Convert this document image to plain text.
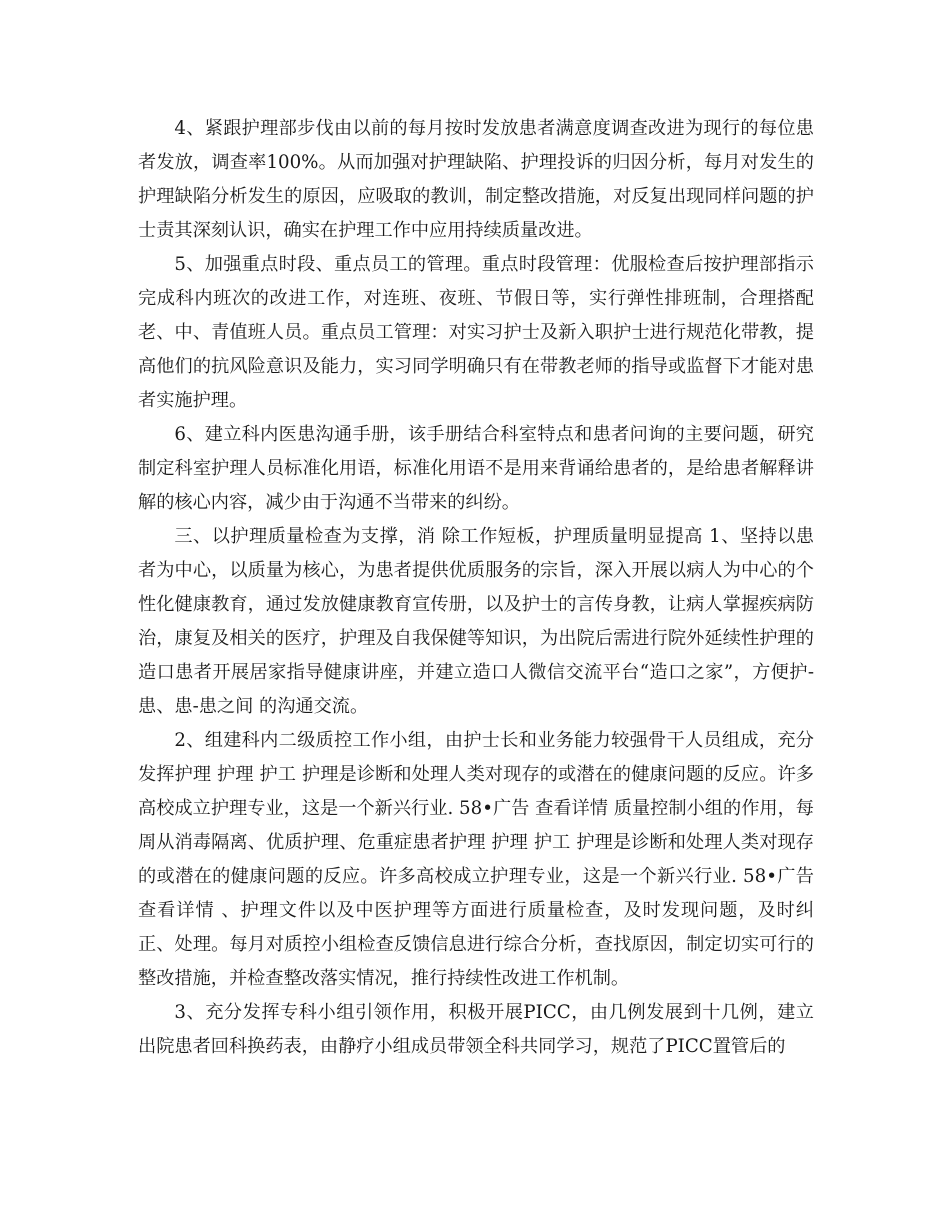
4、紧跟护理部步伐由以前的每月按时发放患者满意度调查改进为现行的每位患者发放，调查率100%。从而加强对护理缺陷、护理投诉的归因分析，每月对发生的护理缺陷分析发生的原因，应吸取的教训，制定整改措施，对反复出现同样问题的护士责其深刻认识，确实在护理工作中应用持续质量改进。

5、加强重点时段、重点员工的管理。重点时段管理：优服检查后按护理部指示完成科内班次的改进工作，对连班、夜班、节假日等，实行弹性排班制，合理搭配老、中、青值班人员。重点员工管理：对实习护士及新入职护士进行规范化带教，提高他们的抗风险意识及能力，实习同学明确只有在带教老师的指导或监督下才能对患者实施护理。

6、建立科内医患沟通手册，该手册结合科室特点和患者问询的主要问题，研究制定科室护理人员标准化用语，标准化用语不是用来背诵给患者的，是给患者解释讲解的核心内容，减少由于沟通不当带来的纠纷。

三、以护理质量检查为支撑，消 除工作短板，护理质量明显提高 1、坚持以患者为中心，以质量为核心，为患者提供优质服务的宗旨，深入开展以病人为中心的个性化健康教育，通过发放健康教育宣传册，以及护士的言传身教，让病人掌握疾病防治，康复及相关的医疗，护理及自我保健等知识，为出院后需进行院外延续性护理的造口患者开展居家指导健康讲座，并建立造口人微信交流平台“造口之家”，方便护-患、患-患之间 的沟通交流。

2、组建科内二级质控工作小组，由护士长和业务能力较强骨干人员组成，充分发挥护理 护理 护工 护理是诊断和处理人类对现存的或潜在的健康问题的反应。许多高校成立护理专业，这是一个新兴行业. 58•广告 查看详情 质量控制小组的作用，每周从消毒隔离、优质护理、危重症患者护理 护理 护工 护理是诊断和处理人类对现存的或潜在的健康问题的反应。许多高校成立护理专业，这是一个新兴行业. 58•广告 查看详情 、护理文件以及中医护理等方面进行质量检查，及时发现问题，及时纠正、处理。每月对质控小组检查反馈信息进行综合分析，查找原因，制定切实可行的整改措施，并检查整改落实情况，推行持续性改进工作机制。

3、充分发挥专科小组引领作用，积极开展PICC，由几例发展到十几例，建立出院患者回科换药表，由静疗小组成员带领全科共同学习，规范了PICC置管后的
